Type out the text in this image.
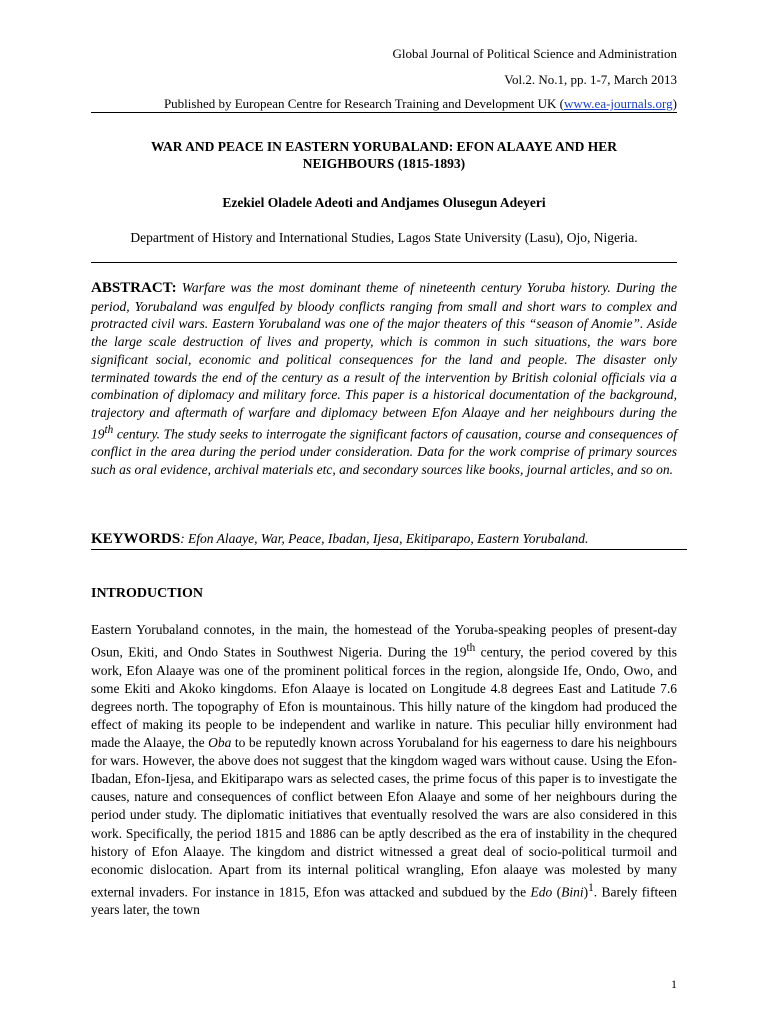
Global Journal of Political Science and Administration
Vol.2. No.1, pp. 1-7, March 2013
Published by European Centre for Research Training and Development UK (www.ea-journals.org)
WAR AND PEACE IN EASTERN YORUBALAND: EFON ALAAYE AND HER
NEIGHBOURS (1815-1893)
Ezekiel Oladele Adeoti and Andjames Olusegun Adeyeri
Department of History and International Studies, Lagos State University (Lasu), Ojo, Nigeria.
ABSTRACT: Warfare was the most dominant theme of nineteenth century Yoruba history. During the period, Yorubaland was engulfed by bloody conflicts ranging from small and short wars to complex and protracted civil wars. Eastern Yorubaland was one of the major theaters of this “season of Anomie”. Aside the large scale destruction of lives and property, which is common in such situations, the wars bore significant social, economic and political consequences for the land and people. The disaster only terminated towards the end of the century as a result of the intervention by British colonial officials via a combination of diplomacy and military force. This paper is a historical documentation of the background, trajectory and aftermath of warfare and diplomacy between Efon Alaaye and her neighbours during the 19th century. The study seeks to interrogate the significant factors of causation, course and consequences of conflict in the area during the period under consideration. Data for the work comprise of primary sources such as oral evidence, archival materials etc, and secondary sources like books, journal articles, and so on.
KEYWORDS: Efon Alaaye, War, Peace, Ibadan, Ijesa, Ekitiparapo, Eastern Yorubaland.
INTRODUCTION
Eastern Yorubaland connotes, in the main, the homestead of the Yoruba-speaking peoples of present-day Osun, Ekiti, and Ondo States in Southwest Nigeria. During the 19th century, the period covered by this work, Efon Alaaye was one of the prominent political forces in the region, alongside Ife, Ondo, Owo, and some Ekiti and Akoko kingdoms. Efon Alaaye is located on Longitude 4.8 degrees East and Latitude 7.6 degrees north. The topography of Efon is mountainous. This hilly nature of the kingdom had produced the effect of making its people to be independent and warlike in nature. This peculiar hilly environment had made the Alaaye, the Oba to be reputedly known across Yorubaland for his eagerness to dare his neighbours for wars. However, the above does not suggest that the kingdom waged wars without cause. Using the Efon-Ibadan, Efon-Ijesa, and Ekitiparapo wars as selected cases, the prime focus of this paper is to investigate the causes, nature and consequences of conflict between Efon Alaaye and some of her neighbours during the period under study. The diplomatic initiatives that eventually resolved the wars are also considered in this work. Specifically, the period 1815 and 1886 can be aptly described as the era of instability in the chequred history of Efon Alaaye. The kingdom and district witnessed a great deal of socio-political turmoil and economic dislocation. Apart from its internal political wrangling, Efon alaaye was molested by many external invaders. For instance in 1815, Efon was attacked and subdued by the Edo (Bini)$^1$. Barely fifteen years later, the town
1
